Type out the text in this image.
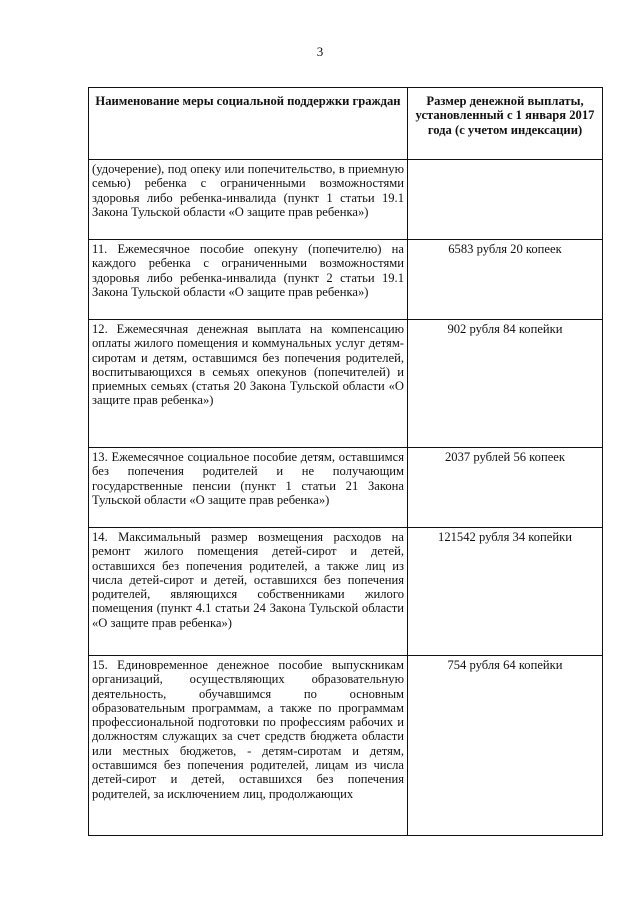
3
Наименование меры социальной поддержки граждан	Размер денежной выплаты, установленный с 1 января 2017 года (с учетом индексации)
(удочерение), под опеку или попечительство, в приемную семью) ребенка с ограниченными возможностями здоровья либо ребенка-инвалида (пункт 1 статьи 19.1 Закона Тульской области «О защите прав ребенка»)	
11. Ежемесячное пособие опекуну (попечителю) на каждого ребенка с ограниченными возможностями здоровья либо ребенка-инвалида (пункт 2 статьи 19.1 Закона Тульской области «О защите прав ребенка»)	6583 рубля 20 копеек
12. Ежемесячная денежная выплата на компенсацию оплаты жилого помещения и коммунальных услуг детям-сиротам и детям, оставшимся без попечения родителей, воспитывающихся в семьях опекунов (попечителей) и приемных семьях (статья 20 Закона Тульской области «О защите прав ребенка»)	902 рубля 84 копейки
13. Ежемесячное социальное пособие детям, оставшимся без попечения родителей и не получающим государственные пенсии (пункт 1 статьи 21 Закона Тульской области «О защите прав ребенка»)	2037 рублей 56 копеек
14. Максимальный размер возмещения расходов на ремонт жилого помещения детей-сирот и детей, оставшихся без попечения родителей, а также лиц из числа детей-сирот и детей, оставшихся без попечения родителей, являющихся собственниками жилого помещения (пункт 4.1 статьи 24 Закона Тульской области «О защите прав ребенка»)	121542 рубля 34 копейки
15. Единовременное денежное пособие выпускникам организаций, осуществляющих образовательную деятельность, обучавшимся по основным образовательным программам, а также по программам профессиональной подготовки по профессиям рабочих и должностям служащих за счет средств бюджета области или местных бюджетов, - детям-сиротам и детям, оставшимся без попечения родителей, лицам из числа детей-сирот и детей, оставшихся без попечения родителей, за исключением лиц, продолжающих	754 рубля 64 копейки
